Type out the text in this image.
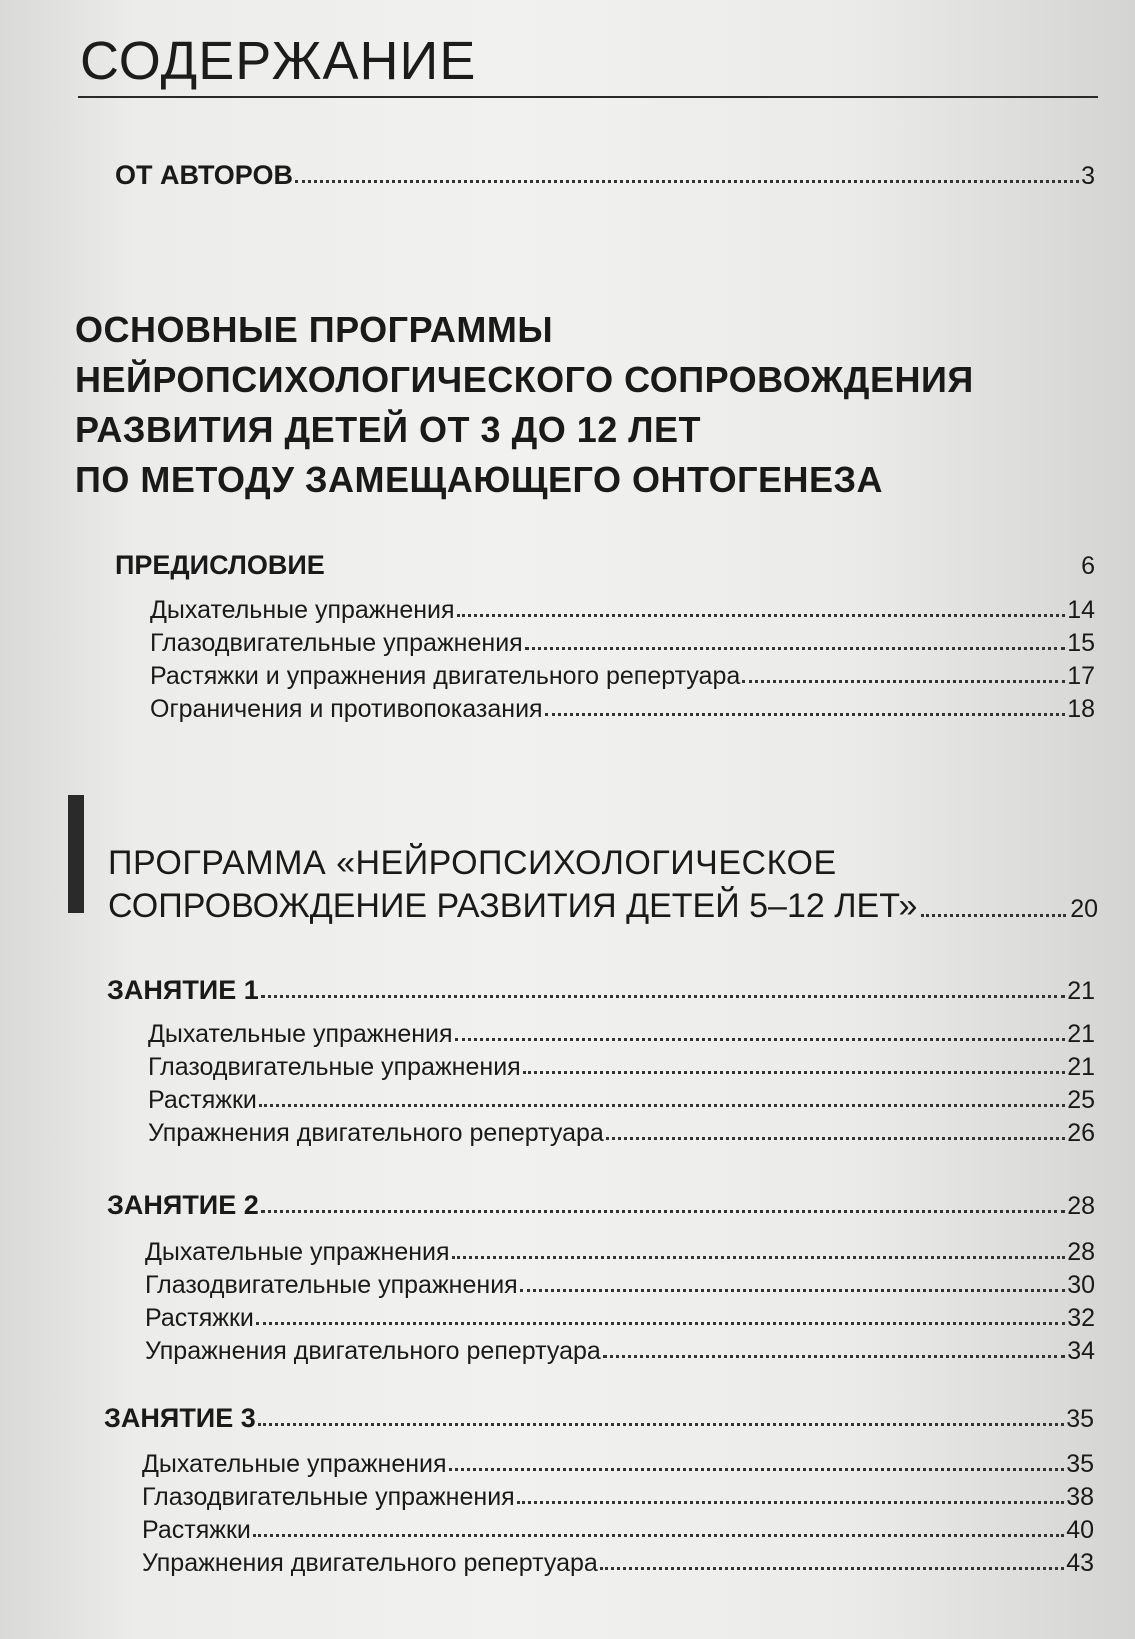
СОДЕРЖАНИЕ
ОТ АВТОРОВ	3
ОСНОВНЫЕ ПРОГРАММЫ
НЕЙРОПСИХОЛОГИЧЕСКОГО СОПРОВОЖДЕНИЯ
РАЗВИТИЯ ДЕТЕЙ ОТ 3 ДО 12 ЛЕТ
ПО МЕТОДУ ЗАМЕЩАЮЩЕГО ОНТОГЕНЕЗА
ПРЕДИСЛОВИЕ	6
Дыхательные упражнения	14
Глазодвигательные упражнения	15
Растяжки и упражнения двигательного репертуара	17
Ограничения и противопоказания	18
ПРОГРАММА «НЕЙРОПСИХОЛОГИЧЕСКОЕ
СОПРОВОЖДЕНИЕ РАЗВИТИЯ ДЕТЕЙ 5–12 ЛЕТ»	20
ЗАНЯТИЕ 1	21
Дыхательные упражнения	21
Глазодвигательные упражнения	21
Растяжки	25
Упражнения двигательного репертуара	26
ЗАНЯТИЕ 2	28
Дыхательные упражнения	28
Глазодвигательные упражнения	30
Растяжки	32
Упражнения двигательного репертуара	34
ЗАНЯТИЕ 3	35
Дыхательные упражнения	35
Глазодвигательные упражнения	38
Растяжки	40
Упражнения двигательного репертуара	43
